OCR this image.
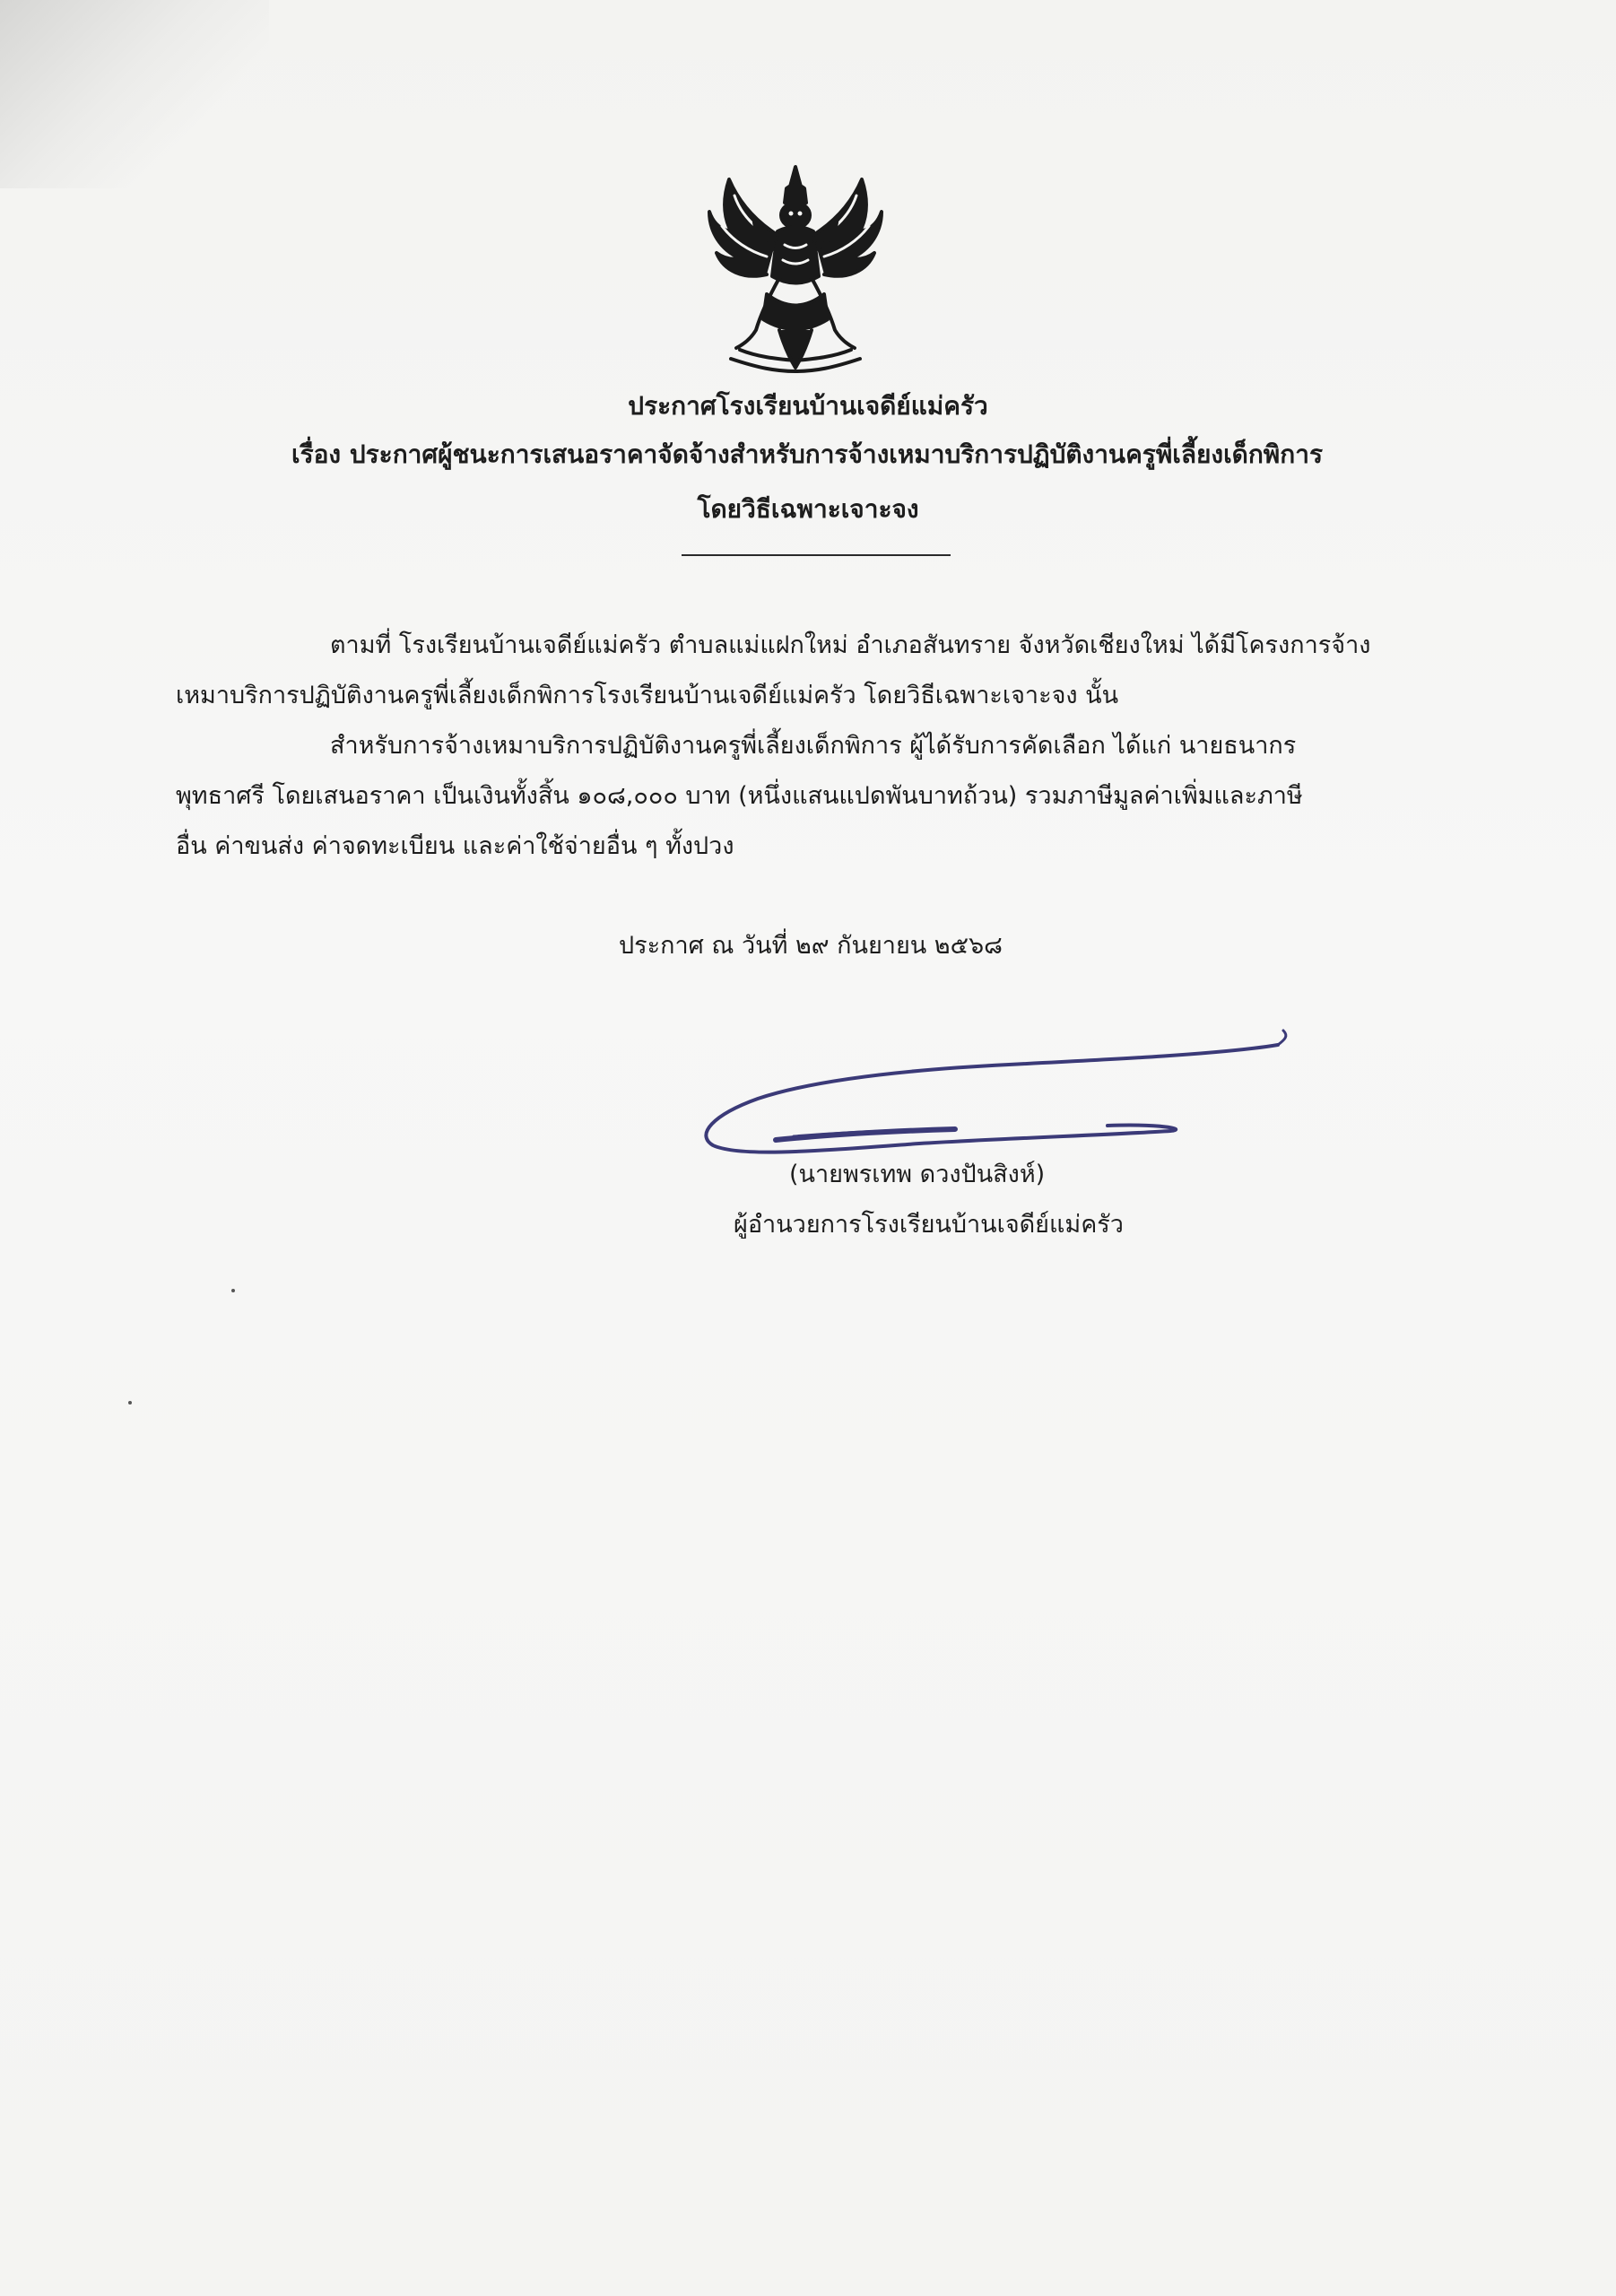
ประกาศโรงเรียนบ้านเจดีย์แม่ครัว
เรื่อง ประกาศผู้ชนะการเสนอราคาจัดจ้างสำหรับการจ้างเหมาบริการปฏิบัติงานครูพี่เลี้ยงเด็กพิการ
โดยวิธีเฉพาะเจาะจง
ตามที่ โรงเรียนบ้านเจดีย์แม่ครัว ตำบลแม่แฝกใหม่ อำเภอสันทราย จังหวัดเชียงใหม่ ได้มีโครงการจ้าง
เหมาบริการปฏิบัติงานครูพี่เลี้ยงเด็กพิการโรงเรียนบ้านเจดีย์แม่ครัว โดยวิธีเฉพาะเจาะจง นั้น
สำหรับการจ้างเหมาบริการปฏิบัติงานครูพี่เลี้ยงเด็กพิการ ผู้ได้รับการคัดเลือก ได้แก่ นายธนากร
พุทธาศรี โดยเสนอราคา เป็นเงินทั้งสิ้น ๑๐๘,๐๐๐ บาท (หนึ่งแสนแปดพันบาทถ้วน) รวมภาษีมูลค่าเพิ่มและภาษี
อื่น ค่าขนส่ง ค่าจดทะเบียน และค่าใช้จ่ายอื่น ๆ ทั้งปวง
ประกาศ ณ วันที่ ๒๙ กันยายน ๒๕๖๘
(นายพรเทพ ดวงปันสิงห์)
ผู้อำนวยการโรงเรียนบ้านเจดีย์แม่ครัว
